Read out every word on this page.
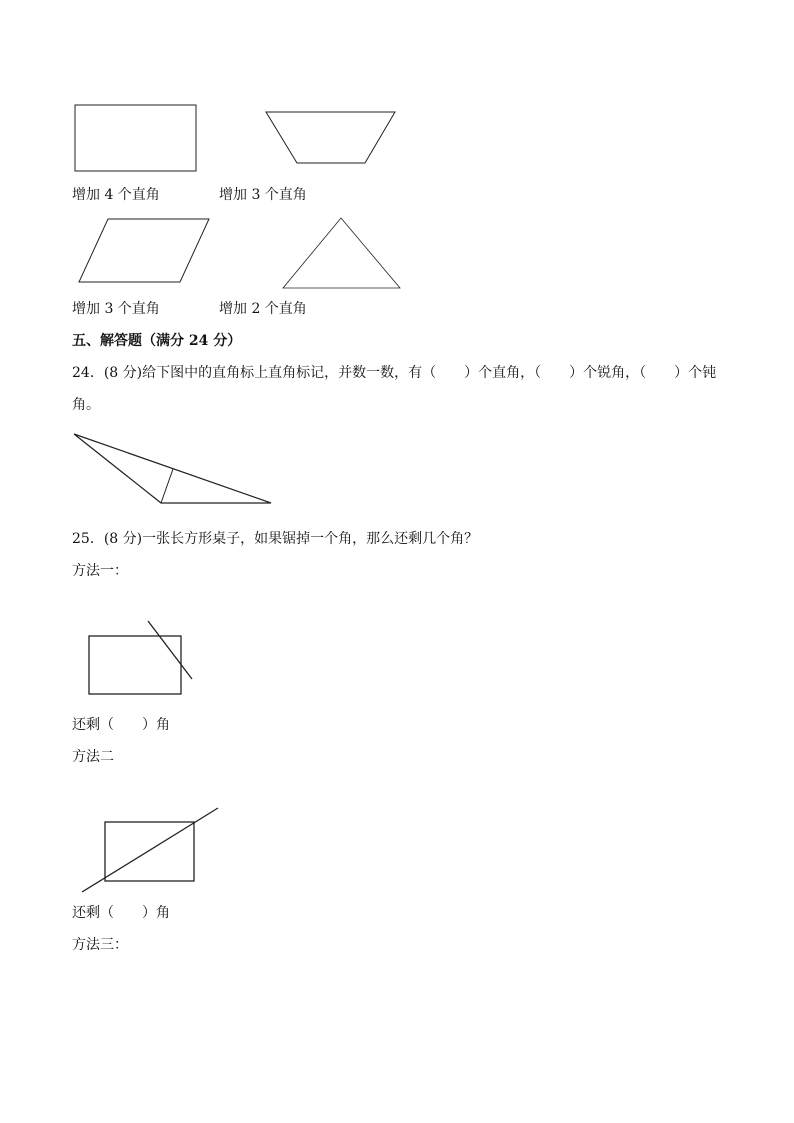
增加 4 个直角	增加 3 个直角
增加 3 个直角	增加 2 个直角
五、解答题（满分 24 分）
24．(8 分)给下图中的直角标上直角标记，并数一数，有（　　）个直角，（　　）个锐角，（　　）个钝
角。
25．(8 分)一张长方形桌子，如果锯掉一个角，那么还剩几个角？
方法一：
还剩（　　）角
方法二
还剩（　　）角
方法三：
